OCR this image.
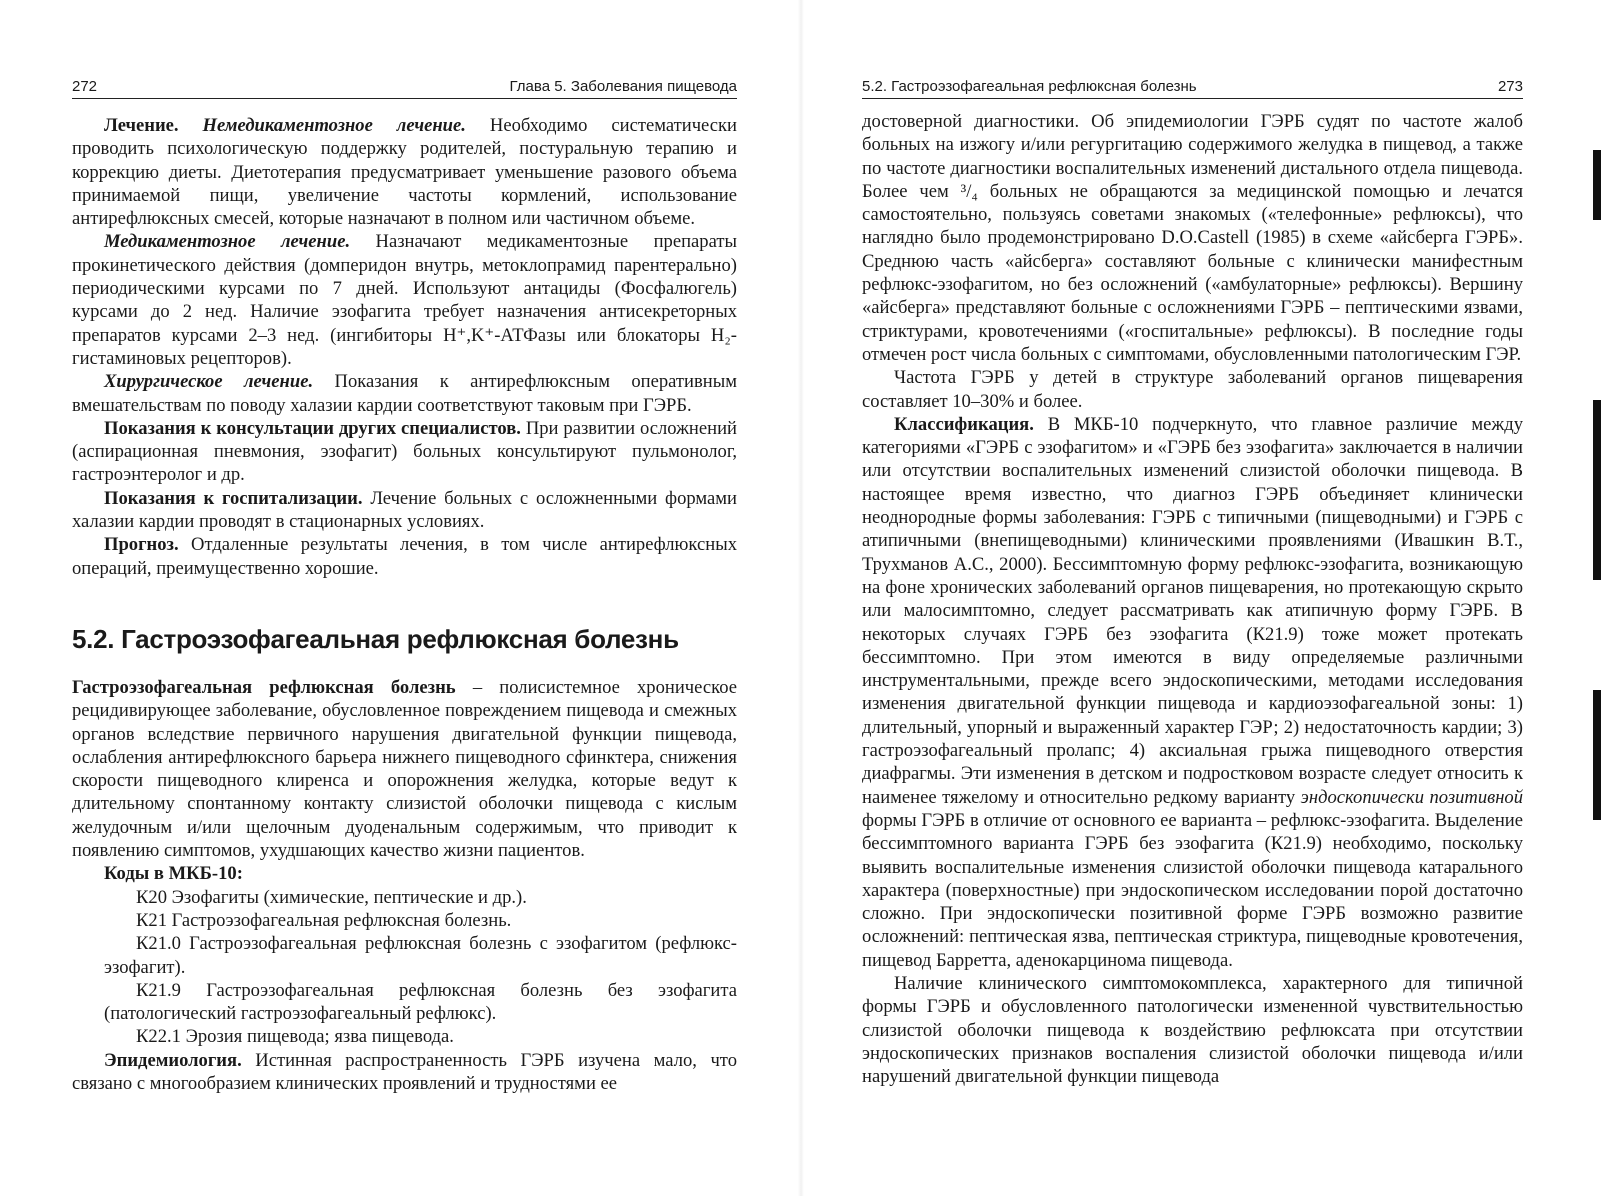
272	Глава 5. Заболевания пищевода

Лечение. Немедикаментозное лечение. Необходимо систематически проводить психологическую поддержку родителей, постуральную терапию и коррекцию диеты. Диетотерапия предусматривает уменьшение разового объема принимаемой пищи, увеличение частоты кормлений, использование антирефлюксных смесей, которые назначают в полном или частичном объеме.

Медикаментозное лечение. Назначают медикаментозные препараты прокинетического действия (домперидон внутрь, метоклопрамид парентерально) периодическими курсами по 7 дней. Используют антациды (Фосфалюгель) курсами до 2 нед. Наличие эзофагита требует назначения антисекреторных препаратов курсами 2–3 нед. (ингибиторы H⁺,K⁺-АТФазы или блокаторы H₂-гистаминовых рецепторов).

Хирургическое лечение. Показания к антирефлюксным оперативным вмешательствам по поводу халазии кардии соответствуют таковым при ГЭРБ.

Показания к консультации других специалистов. При развитии осложнений (аспирационная пневмония, эзофагит) больных консультируют пульмонолог, гастроэнтеролог и др.

Показания к госпитализации. Лечение больных с осложненными формами халазии кардии проводят в стационарных условиях.

Прогноз. Отдаленные результаты лечения, в том числе антирефлюксных операций, преимущественно хорошие.

5.2. Гастроэзофагеальная рефлюксная болезнь

Гастроэзофагеальная рефлюксная болезнь – полисистемное хроническое рецидивирующее заболевание, обусловленное повреждением пищевода и смежных органов вследствие первичного нарушения двигательной функции пищевода, ослабления антирефлюксного барьера нижнего пищеводного сфинктера, снижения скорости пищеводного клиренса и опорожнения желудка, которые ведут к длительному спонтанному контакту слизистой оболочки пищевода с кислым желудочным и/или щелочным дуоденальным содержимым, что приводит к появлению симптомов, ухудшающих качество жизни пациентов.

Коды в МКБ-10:

К20 Эзофагиты (химические, пептические и др.).

К21 Гастроэзофагеальная рефлюксная болезнь.

К21.0 Гастроэзофагеальная рефлюксная болезнь с эзофагитом (рефлюкс-эзофагит).

К21.9 Гастроэзофагеальная рефлюксная болезнь без эзофагита (патологический гастроэзофагеальный рефлюкс).

К22.1 Эрозия пищевода; язва пищевода.

Эпидемиология. Истинная распространенность ГЭРБ изучена мало, что связано с многообразием клинических проявлений и трудностями ее

5.2. Гастроэзофагеальная рефлюксная болезнь	273

достоверной диагностики. Об эпидемиологии ГЭРБ судят по частоте жалоб больных на изжогу и/или регургитацию содержимого желудка в пищевод, а также по частоте диагностики воспалительных изменений дистального отдела пищевода. Более чем ³/₄ больных не обращаются за медицинской помощью и лечатся самостоятельно, пользуясь советами знакомых («телефонные» рефлюксы), что наглядно было продемонстрировано D.O.Castell (1985) в схеме «айсберга ГЭРБ». Среднюю часть «айсберга» составляют больные с клинически манифестным рефлюкс-эзофагитом, но без осложнений («амбулаторные» рефлюксы). Вершину «айсберга» представляют больные с осложнениями ГЭРБ – пептическими язвами, стриктурами, кровотечениями («госпитальные» рефлюксы). В последние годы отмечен рост числа больных с симптомами, обусловленными патологическим ГЭР.

Частота ГЭРБ у детей в структуре заболеваний органов пищеварения составляет 10–30% и более.

Классификация. В МКБ-10 подчеркнуто, что главное различие между категориями «ГЭРБ с эзофагитом» и «ГЭРБ без эзофагита» заключается в наличии или отсутствии воспалительных изменений слизистой оболочки пищевода. В настоящее время известно, что диагноз ГЭРБ объединяет клинически неоднородные формы заболевания: ГЭРБ с типичными (пищеводными) и ГЭРБ с атипичными (внепищеводными) клиническими проявлениями (Ивашкин В.Т., Трухманов А.С., 2000). Бессимптомную форму рефлюкс-эзофагита, возникающую на фоне хронических заболеваний органов пищеварения, но протекающую скрыто или малосимптомно, следует рассматривать как атипичную форму ГЭРБ. В некоторых случаях ГЭРБ без эзофагита (К21.9) тоже может протекать бессимптомно. При этом имеются в виду определяемые различными инструментальными, прежде всего эндоскопическими, методами исследования изменения двигательной функции пищевода и кардиоэзофагеальной зоны: 1) длительный, упорный и выраженный характер ГЭР; 2) недостаточность кардии; 3) гастроэзофагеальный пролапс; 4) аксиальная грыжа пищеводного отверстия диафрагмы. Эти изменения в детском и подростковом возрасте следует относить к наименее тяжелому и относительно редкому варианту эндоскопически позитивной формы ГЭРБ в отличие от основного ее варианта – рефлюкс-эзофагита. Выделение бессимптомного варианта ГЭРБ без эзофагита (К21.9) необходимо, поскольку выявить воспалительные изменения слизистой оболочки пищевода катарального характера (поверхностные) при эндоскопическом исследовании порой достаточно сложно. При эндоскопически позитивной форме ГЭРБ возможно развитие осложнений: пептическая язва, пептическая стриктура, пищеводные кровотечения, пищевод Барретта, аденокарцинома пищевода.

Наличие клинического симптомокомплекса, характерного для типичной формы ГЭРБ и обусловленного патологически измененной чувствительностью слизистой оболочки пищевода к воздействию рефлюксата при отсутствии эндоскопических признаков воспаления слизистой оболочки пищевода и/или нарушений двигательной функции пищевода
